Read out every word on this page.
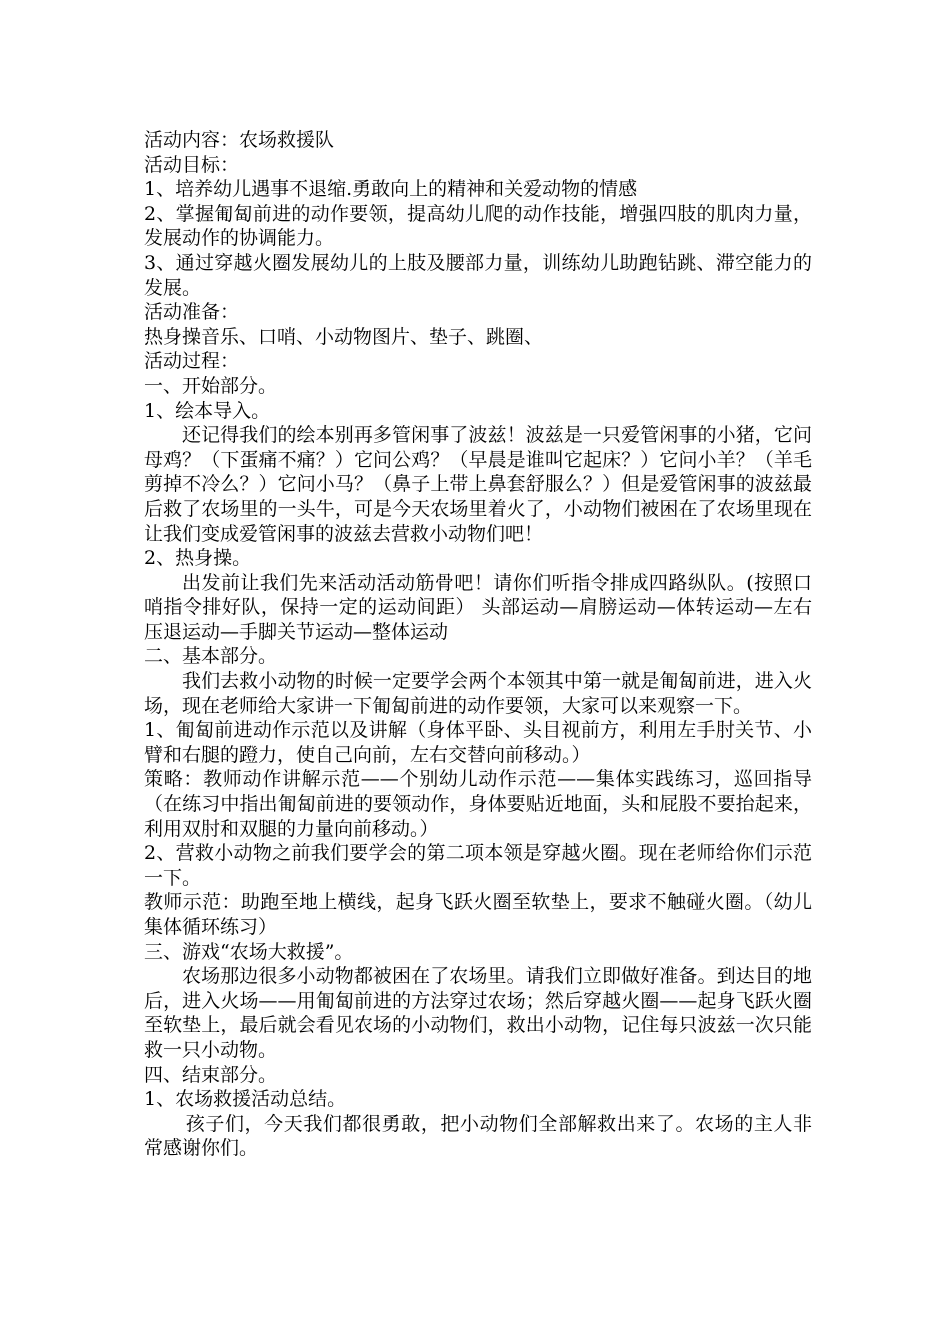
活动内容：农场救援队

活动目标：

1、培养幼儿遇事不退缩.勇敢向上的精神和关爱动物的情感

2、掌握匍匐前进的动作要领，提高幼儿爬的动作技能，增强四肢的肌肉力量，发展动作的协调能力。

3、通过穿越火圈发展幼儿的上肢及腰部力量，训练幼儿助跑钻跳、滞空能力的发展。

活动准备：

热身操音乐、口哨、小动物图片、垫子、跳圈、

活动过程：

一、开始部分。

1、绘本导入。

还记得我们的绘本别再多管闲事了波兹！波兹是一只爱管闲事的小猪，它问母鸡？（下蛋痛不痛？）它问公鸡？（早晨是谁叫它起床？）它问小羊？（羊毛剪掉不冷么？）它问小马？（鼻子上带上鼻套舒服么？）但是爱管闲事的波兹最后救了农场里的一头牛，可是今天农场里着火了，小动物们被困在了农场里现在让我们变成爱管闲事的波兹去营救小动物们吧！

2、热身操。

出发前让我们先来活动活动筋骨吧！请你们听指令排成四路纵队。(按照口哨指令排好队，保持一定的运动间距） 头部运动—肩膀运动—体转运动—左右压退运动—手脚关节运动—整体运动

二、基本部分。

我们去救小动物的时候一定要学会两个本领其中第一就是匍匐前进，进入火场，现在老师给大家讲一下匍匐前进的动作要领，大家可以来观察一下。

1、匍匐前进动作示范以及讲解（身体平卧、头目视前方，利用左手肘关节、小臂和右腿的蹬力，使自己向前，左右交替向前移动。）

策略：教师动作讲解示范——个别幼儿动作示范——集体实践练习，巡回指导（在练习中指出匍匐前进的要领动作，身体要贴近地面，头和屁股不要抬起来，利用双肘和双腿的力量向前移动。）

2、营救小动物之前我们要学会的第二项本领是穿越火圈。现在老师给你们示范一下。

教师示范：助跑至地上横线，起身飞跃火圈至软垫上，要求不触碰火圈。（幼儿集体循环练习）

三、游戏“农场大救援”。

农场那边很多小动物都被困在了农场里。请我们立即做好准备。到达目的地后，进入火场——用匍匐前进的方法穿过农场；然后穿越火圈——起身飞跃火圈至软垫上，最后就会看见农场的小动物们，救出小动物，记住每只波兹一次只能救一只小动物。

四、结束部分。

1、农场救援活动总结。

孩子们，今天我们都很勇敢，把小动物们全部解救出来了。农场的主人非常感谢你们。
